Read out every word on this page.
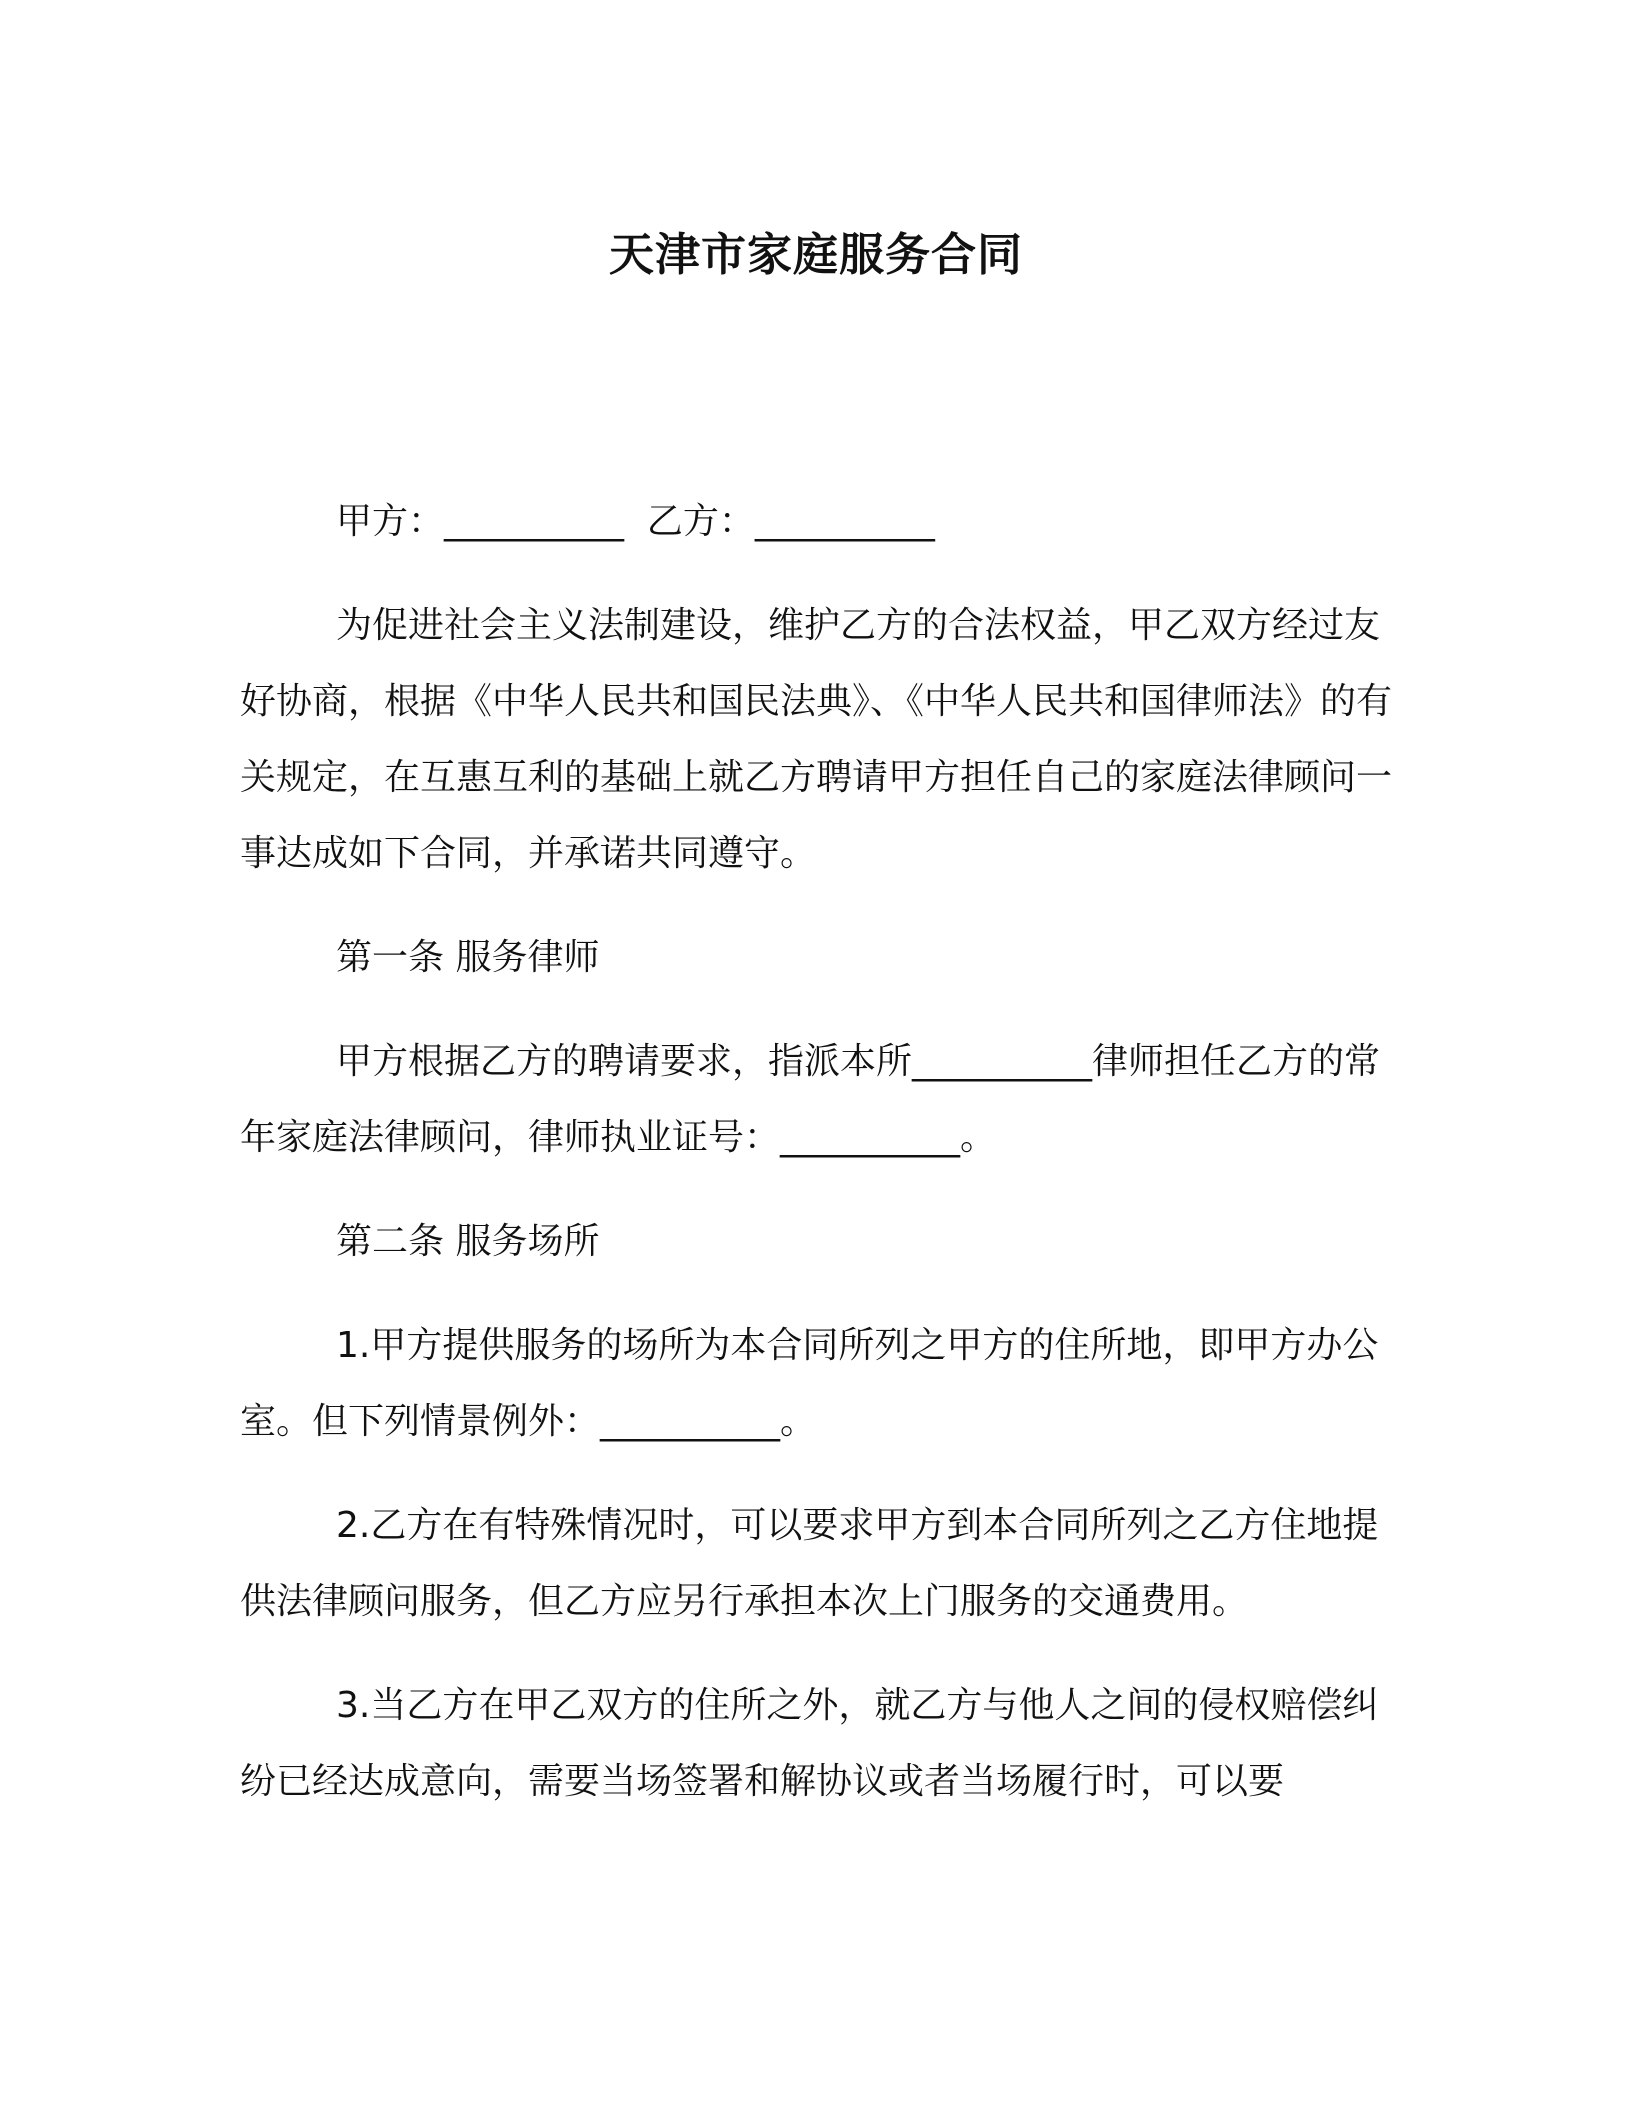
天津市家庭服务合同

甲方：__________  乙方：__________

为促进社会主义法制建设，维护乙方的合法权益，甲乙双方经过友好协商，根据《中华人民共和国民法典》、《中华人民共和国律师法》的有关规定，在互惠互利的基础上就乙方聘请甲方担任自己的家庭法律顾问一事达成如下合同，并承诺共同遵守。

第一条 服务律师

甲方根据乙方的聘请要求，指派本所__________律师担任乙方的常年家庭法律顾问，律师执业证号：__________。

第二条 服务场所

1.甲方提供服务的场所为本合同所列之甲方的住所地，即甲方办公室。但下列情景例外：__________。

2.乙方在有特殊情况时，可以要求甲方到本合同所列之乙方住地提供法律顾问服务，但乙方应另行承担本次上门服务的交通费用。

3.当乙方在甲乙双方的住所之外，就乙方与他人之间的侵权赔偿纠纷已经达成意向，需要当场签署和解协议或者当场履行时，可以要
